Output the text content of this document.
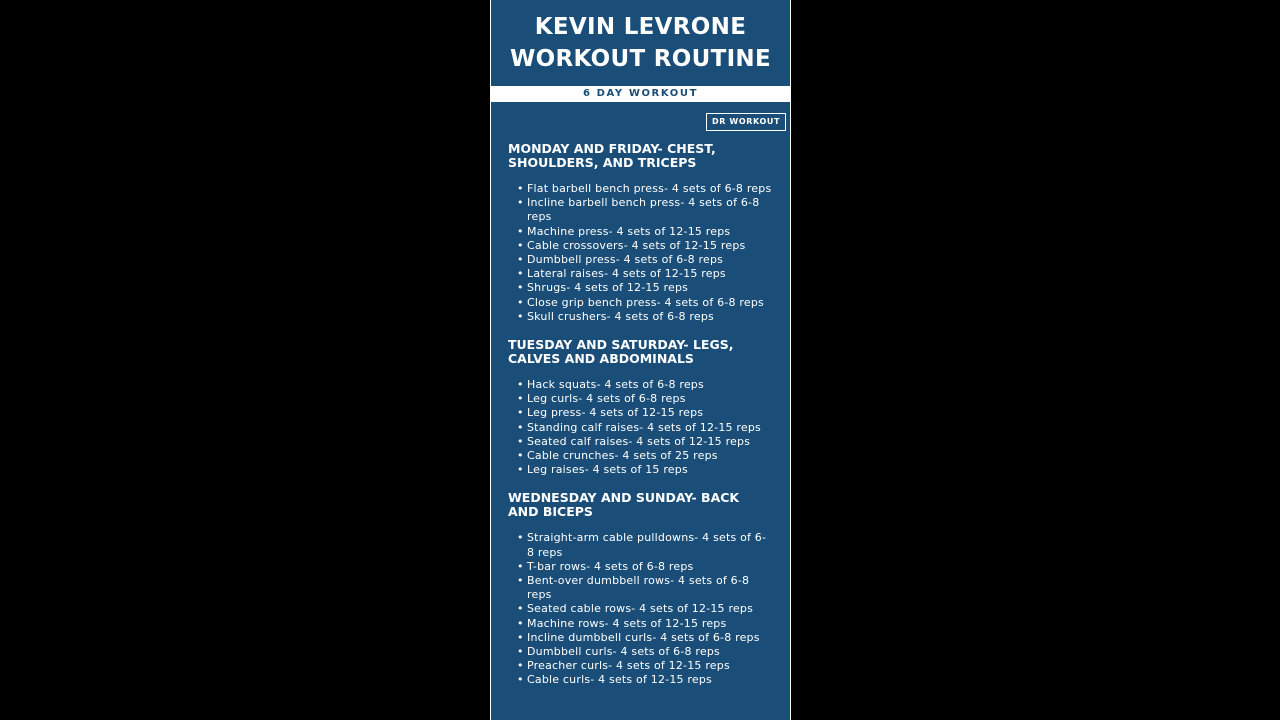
KEVIN LEVRONE
WORKOUT ROUTINE
6 DAY WORKOUT
DR WORKOUT
MONDAY AND FRIDAY- CHEST, SHOULDERS, AND TRICEPS
• Flat barbell bench press- 4 sets of 6-8 reps
• Incline barbell bench press- 4 sets of 6-8 reps
• Machine press- 4 sets of 12-15 reps
• Cable crossovers- 4 sets of 12-15 reps
• Dumbbell press- 4 sets of 6-8 reps
• Lateral raises- 4 sets of 12-15 reps
• Shrugs- 4 sets of 12-15 reps
• Close grip bench press- 4 sets of 6-8 reps
• Skull crushers- 4 sets of 6-8 reps
TUESDAY AND SATURDAY- LEGS, CALVES AND ABDOMINALS
• Hack squats- 4 sets of 6-8 reps
• Leg curls- 4 sets of 6-8 reps
• Leg press- 4 sets of 12-15 reps
• Standing calf raises- 4 sets of 12-15 reps
• Seated calf raises- 4 sets of 12-15 reps
• Cable crunches- 4 sets of 25 reps
• Leg raises- 4 sets of 15 reps
WEDNESDAY AND SUNDAY- BACK AND BICEPS
• Straight-arm cable pulldowns- 4 sets of 6-8 reps
• T-bar rows- 4 sets of 6-8 reps
• Bent-over dumbbell rows- 4 sets of 6-8 reps
• Seated cable rows- 4 sets of 12-15 reps
• Machine rows- 4 sets of 12-15 reps
• Incline dumbbell curls- 4 sets of 6-8 reps
• Dumbbell curls- 4 sets of 6-8 reps
• Preacher curls- 4 sets of 12-15 reps
• Cable curls- 4 sets of 12-15 reps
